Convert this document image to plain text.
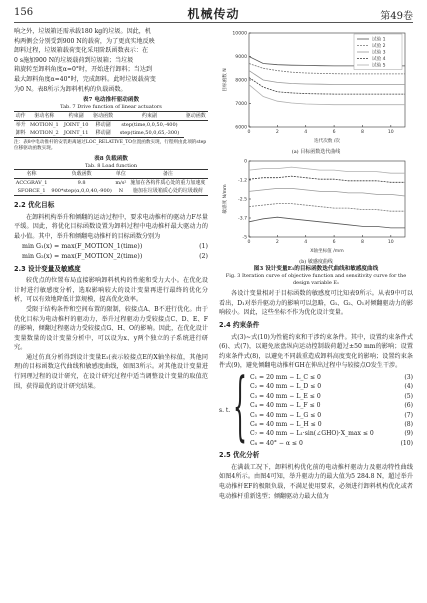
156	机械传动	第49卷
响之外，垃圾箱还需承载180 kg的垃圾。因此，机
构两侧会分别受到900 N的载荷，为了更真实地反映
卸料过程，垃圾箱载荷变化采用阶跃函数表示：在
0 s施加900 N的垃圾载荷到垃圾箱；当垃圾
箱旋转至卸料角度α=0°时，开始进行卸料；当达到
最大卸料角度α=40°时，完成卸料。此时垃圾载荷变
为0 N。表8所示为卸料机构的负载函数。
表7 电动推杆驱动函数
Tab. 7 Drive function of linear actuators
动作	驱动名称	约束副	驱动函数	约束副	驱动函数
举升	MOTION_1	JOINT_10	移动副	step(time,0,0,50,-400)	
卸料	MOTION_2	JOINT_11	移动副	step(time,50,0,65,-300)	
注：表8中电动推杆的安装距离通过LOC_RELATIVE_TO位置函数实现，行程则由此项的step位移驱动函数实现。
表8 负载函数
Tab. 8 Load function
名称	负载函数	单位	备注
ACCGRAV_1	9.8	m/s²	施加在各构件质心处的重力加速度
SFORCE_1	900*step(α,0,0,40,-900)	N	施加在垃圾箱质心处的垃圾载荷
2.2 优化目标

在卸料机构举升和倾翻的运动过程中，要求电动推杆的驱动力F尽量平缓。因此，将优化目标函数设置为卸料过程中电动推杆最大驱动力的最小值。其中，举升和倾翻电动推杆的目标函数分别为

min G₁(x) = max(F_MOTION_1(time))	(1)
min G₂(x) = max(F_MOTION_2(time))	(2)
2.3 设计变量及敏感度

较优点的位置布局直接影响卸料机构的性能和受力大小。在优化设计时进行敏感度分析，选取影响较大的设计变量再进行最终的优化分析，可以有效地降低计算规模，提高优化效率。

受限于结构条件和空间布置的限制，较接点A、B不进行优化。由于优化目标为电动推杆的驱动力，举升过程驱动力受较接点C、D、E、F的影响，倾翻过程驱动力受较接点G、H、O的影响。因此，在优化设计变量数量的设计变量分析中，可以设为x、y两个独立的子系统进行研究。

通过仿真分析得到设计变量E₁(表示较接点E的X轴坐标值，其他同理)的目标函数这代曲线和敏感度曲线，如图3所示。对其他设计变量进行同理过程的设计研究，在设计研究过程中适当调整设计变量的取值范围，获得最优的设计研究结果。

6000
7000
8000
9000
10000
0	2	4	6	8	10
迭代次数 /次
目标函数 N
试验 1
试验 2
试验 3
试验 4
试验 5
(a) 目标函数迭代曲线
-5
-3.7
-2.5
-1.2
0
0	2	4	6	8	10
X轴坐标值 /mm
敏感度 N/mm
(b) 敏感度曲线
图3 设计变量E₁的目标函数迭代曲线和敏感度曲线
Fig. 3 Iteration curve of objective function and sensitivity curve for the design variable E₁

各设计变量相对于目标函数的敏感度可比知表9所示。从表9中可以看出，D₁对举升驱动力的影响可以忽略，G₁、G₂、O₁对倾翻驱动力的影响较小。因此，这些坐标不作为优化设计变量。

2.4 约束条件

式(3)~式(10)为性能约束和干涉约束条件。其中，设置约束条件式(6)、式(7)，以避免底盘纵向运动控制载荷超过±50 mm的影响；设置约束条件式(8)，以避免不同载重造成卸料高度变化的影响；设置约束条件式(9)，避免倾翻电动推杆GH在伸出过程中与较接点O发生干涉。

s. t. { C₁ = 20 mm − L_C ≤ 0	(3)
C₂ = 40 mm − L_D ≤ 0	(4)
C₃ = 40 mm − L_E ≤ 0	(5)
C₄ = 40 mm − L_F ≤ 0	(6)
C₅ = 40 mm − L_G ≤ 0	(7)
C₆ = 40 mm − L_H ≤ 0	(8)
C₇ = 40 mm − L₁·sin(∠GHO)·X_max ≤ 0	(9)
C₈ = 40° − α ≤ 0	(10)
2.5 优化分析

在满载工况下，卸料机构优化前的电动推杆驱动力及驱动特性曲线如图4所示。由图4可知，举升驱动力的最大值为5 284.8 N，超过举升电动推杆EF的极限负载，不满足使用要求，必须进行卸料机构优化或者电动推杆重新选型；倾翻驱动力最大值为
